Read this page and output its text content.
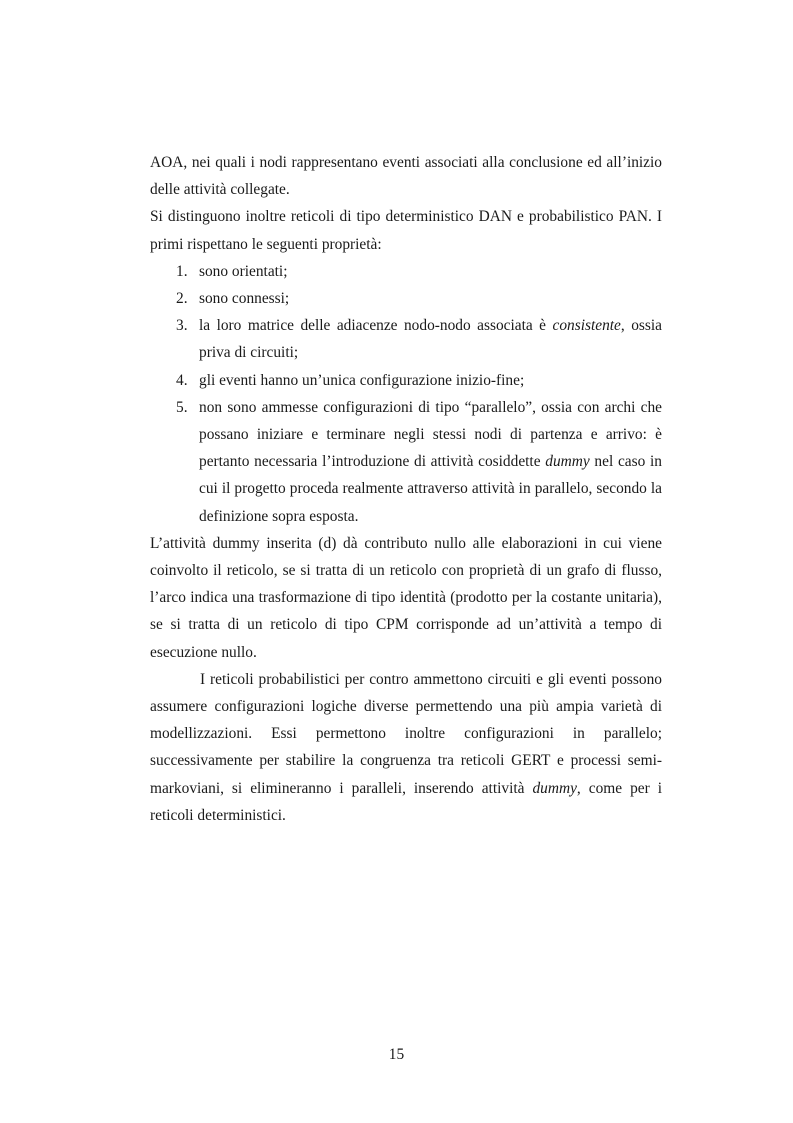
AOA, nei quali i nodi rappresentano eventi associati alla conclusione ed all’inizio delle attività collegate.

Si distinguono inoltre reticoli di tipo deterministico DAN e probabilistico PAN. I primi rispettano le seguenti proprietà:

1. sono orientati;
2. sono connessi;
3. la loro matrice delle adiacenze nodo-nodo associata è consistente, ossia priva di circuiti;
4. gli eventi hanno un’unica configurazione inizio-fine;
5. non sono ammesse configurazioni di tipo “parallelo”, ossia con archi che possano iniziare e terminare negli stessi nodi di partenza e arrivo: è pertanto necessaria l’introduzione di attività cosiddette dummy nel caso in cui il progetto proceda realmente attraverso attività in parallelo, secondo la definizione sopra esposta.

L’attività dummy inserita (d) dà contributo nullo alle elaborazioni in cui viene coinvolto il reticolo, se si tratta di un reticolo con proprietà di un grafo di flusso, l’arco indica una trasformazione di tipo identità (prodotto per la costante unitaria), se si tratta di un reticolo di tipo CPM corrisponde ad un’attività a tempo di esecuzione nullo.

I reticoli probabilistici per contro ammettono circuiti e gli eventi possono assumere configurazioni logiche diverse permettendo una più ampia varietà di modellizzazioni. Essi permettono inoltre configurazioni in parallelo; successivamente per stabilire la congruenza tra reticoli GERT e processi semi-markoviani, si elimineranno i paralleli, inserendo attività dummy, come per i reticoli deterministici.

15
